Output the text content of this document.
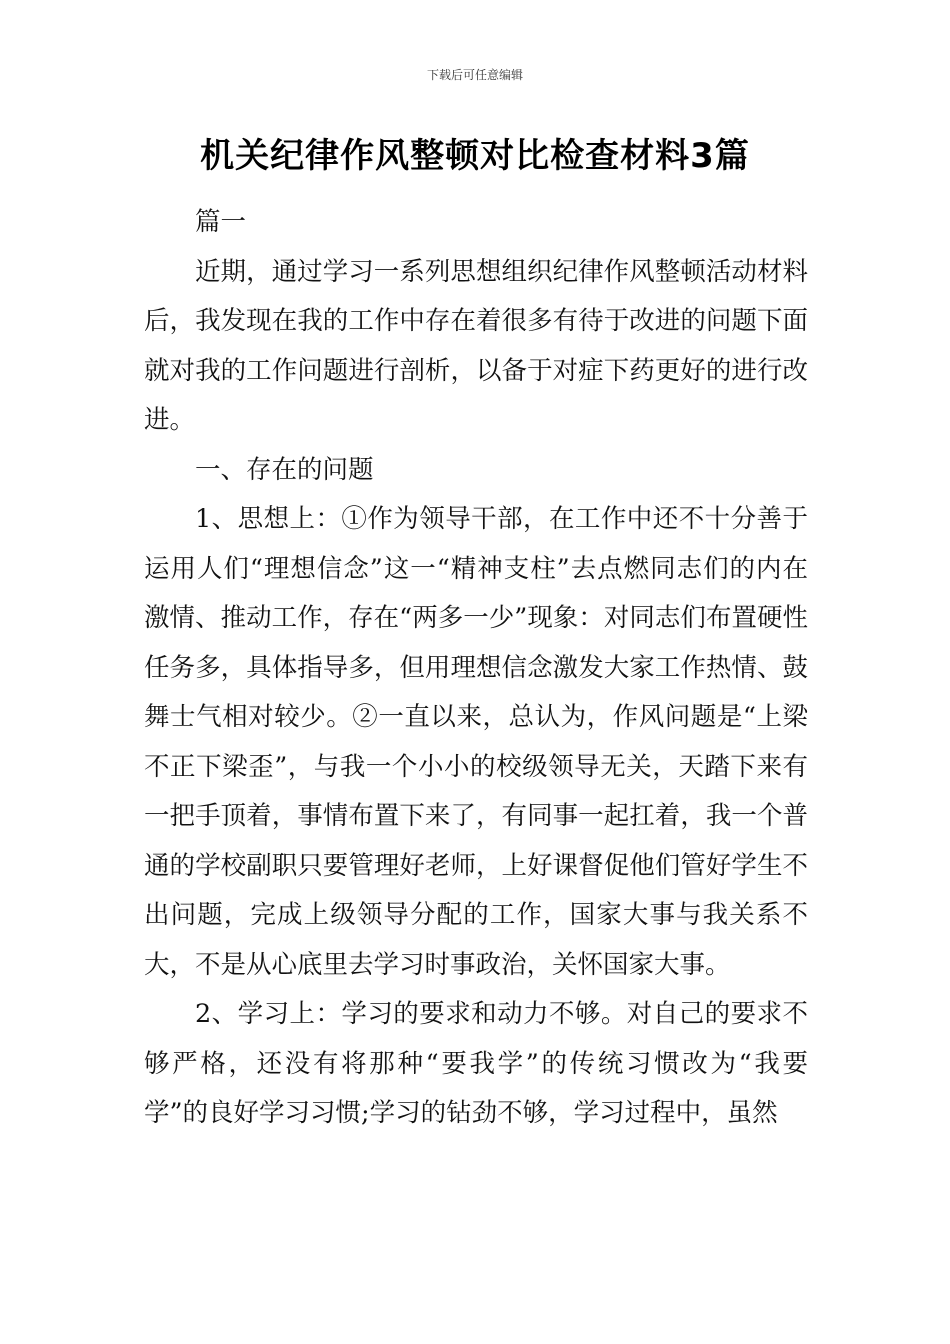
下载后可任意编辑
机关纪律作风整顿对比检查材料3篇

篇一

近期，通过学习一系列思想组织纪律作风整顿活动材料后，我发现在我的工作中存在着很多有待于改进的问题下面就对我的工作问题进行剖析，以备于对症下药更好的进行改进。

一、存在的问题

1、思想上：①作为领导干部，在工作中还不十分善于运用人们“理想信念”这一“精神支柱”去点燃同志们的内在激情、推动工作，存在“两多一少”现象：对同志们布置硬性任务多，具体指导多，但用理想信念激发大家工作热情、鼓舞士气相对较少。②一直以来，总认为，作风问题是“上梁不正下梁歪”，与我一个小小的校级领导无关，天踏下来有一把手顶着，事情布置下来了，有同事一起扛着，我一个普通的学校副职只要管理好老师，上好课督促他们管好学生不出问题，完成上级领导分配的工作，国家大事与我关系不大，不是从心底里去学习时事政治，关怀国家大事。

2、学习上：学习的要求和动力不够。对自己的要求不够严格，还没有将那种“要我学”的传统习惯改为“我要学”的良好学习习惯;学习的钻劲不够，学习过程中，虽然
